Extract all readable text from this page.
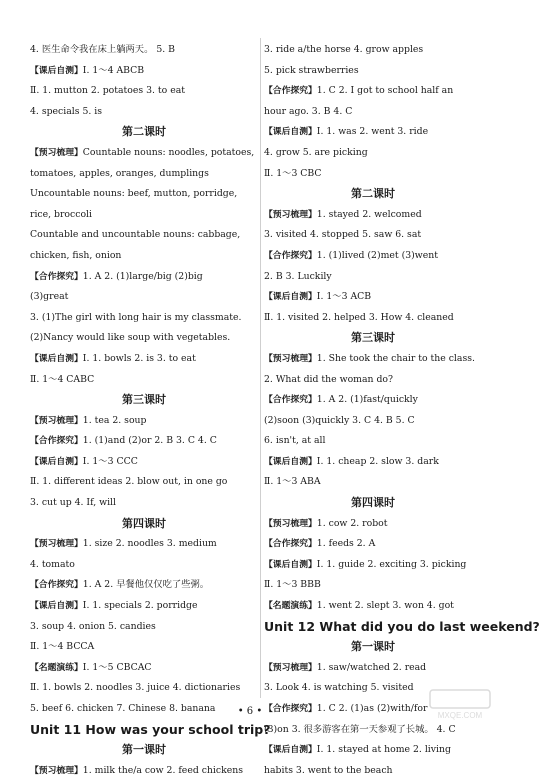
4. 医生命令我在床上躺两天。 5. B
【课后自测】Ⅰ. 1～4 ABCB
Ⅱ. 1. mutton 2. potatoes 3. to eat
4. specials 5. is
第二课时
【预习梳理】Countable nouns: noodles, potatoes,
tomatoes, apples, oranges, dumplings
Uncountable nouns: beef, mutton, porridge,
rice, broccoli
Countable and uncountable nouns: cabbage,
chicken, fish, onion
【合作探究】1. A 2. (1)large/big (2)big
(3)great
3. (1)The girl with long hair is my classmate.
(2)Nancy would like soup with vegetables.
【课后自测】Ⅰ. 1. bowls 2. is 3. to eat
Ⅱ. 1～4 CABC
第三课时
【预习梳理】1. tea 2. soup
【合作探究】1. (1)and (2)or 2. B 3. C 4. C
【课后自测】Ⅰ. 1～3 CCC
Ⅱ. 1. different ideas 2. blow out, in one go
3. cut up 4. If, will
第四课时
【预习梳理】1. size 2. noodles 3. medium
4. tomato
【合作探究】1. A 2. 早餐他仅仅吃了些粥。
【课后自测】Ⅰ. 1. specials 2. porridge
3. soup 4. onion 5. candies
Ⅱ. 1～4 BCCA
【名题演练】Ⅰ. 1～5 CBCAC
Ⅱ. 1. bowls 2. noodles 3. juice 4. dictionaries
5. beef 6. chicken 7. Chinese 8. banana
Unit 11 How was your school trip?
第一课时
【预习梳理】1. milk the/a cow 2. feed chickens
3. ride a/the horse 4. grow apples
5. pick strawberries
【合作探究】1. C 2. I got to school half an
hour ago. 3. B 4. C
【课后自测】Ⅰ. 1. was 2. went 3. ride
4. grow 5. are picking
Ⅱ. 1～3 CBC
第二课时
【预习梳理】1. stayed 2. welcomed
3. visited 4. stopped 5. saw 6. sat
【合作探究】1. (1)lived (2)met (3)went
2. B 3. Luckily
【课后自测】Ⅰ. 1～3 ACB
Ⅱ. 1. visited 2. helped 3. How 4. cleaned
第三课时
【预习梳理】1. She took the chair to the class.
2. What did the woman do?
【合作探究】1. A 2. (1)fast/quickly
(2)soon (3)quickly 3. C 4. B 5. C
6. isn't, at all
【课后自测】Ⅰ. 1. cheap 2. slow 3. dark
Ⅱ. 1～3 ABA
第四课时
【预习梳理】1. cow 2. robot
【合作探究】1. feeds 2. A
【课后自测】Ⅰ. 1. guide 2. exciting 3. picking
Ⅱ. 1～3 BBB
【名题演练】1. went 2. slept 3. won 4. got
Unit 12 What did you do last weekend?
第一课时
【预习梳理】1. saw/watched 2. read
3. Look 4. is watching 5. visited
【合作探究】1. C 2. (1)as (2)with/for
(3)on 3. 很多游客在第一天参观了长城。 4. C
【课后自测】Ⅰ. 1. stayed at home 2. living
habits 3. went to the beach
• 6 •	MXQE.COM
